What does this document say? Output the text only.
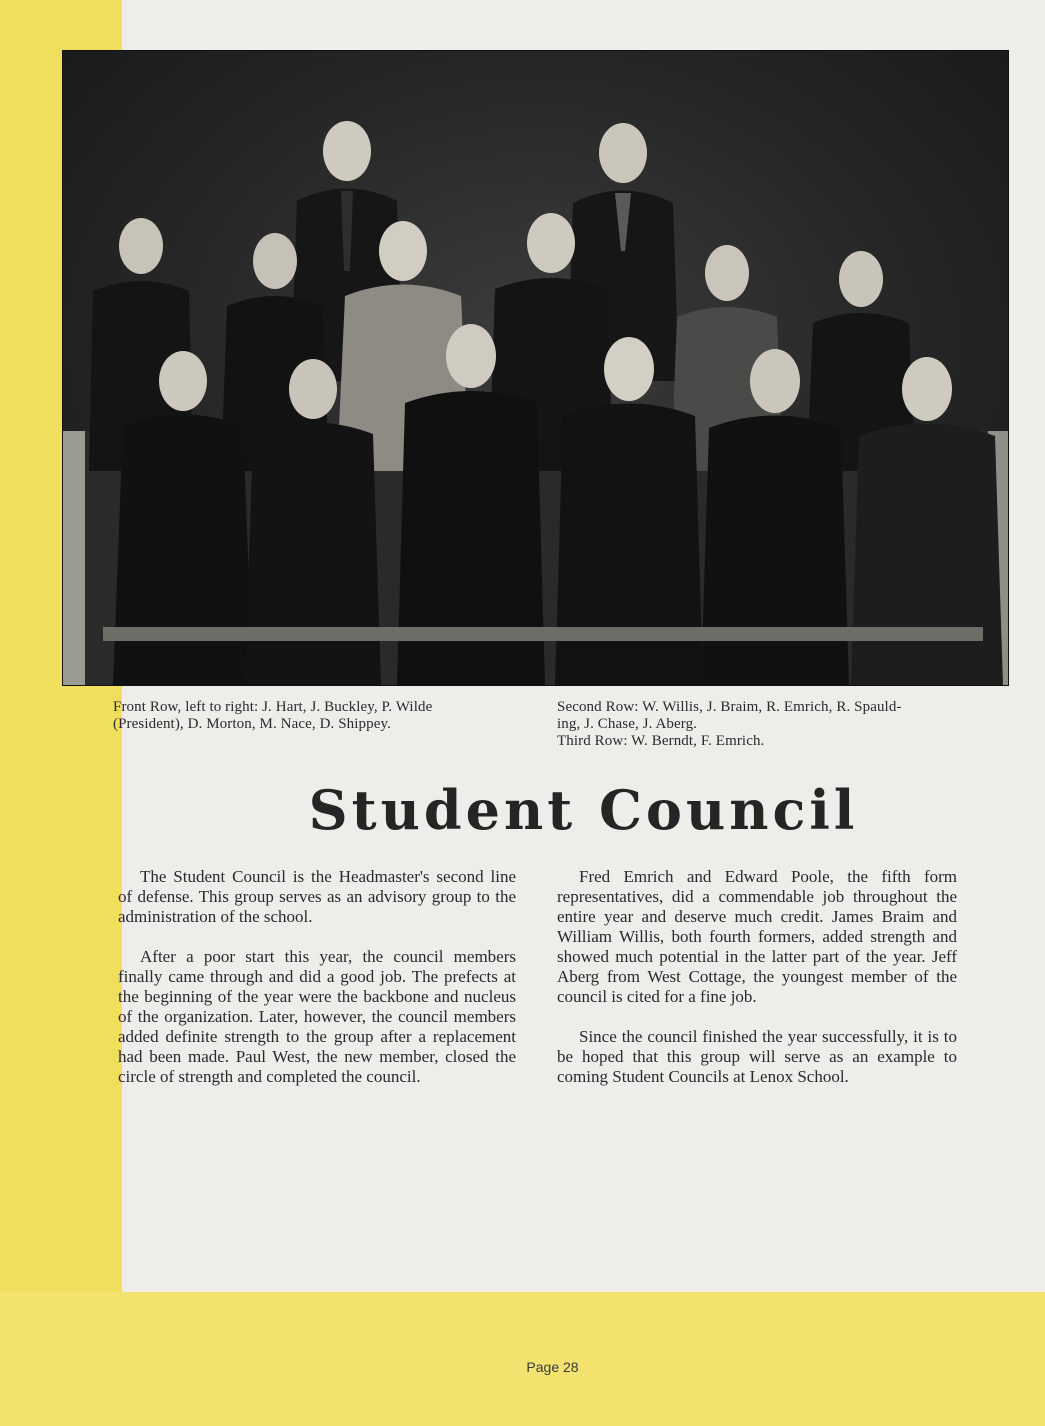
Front Row, left to right: J. Hart, J. Buckley, P. Wilde

(President), D. Morton, M. Nace, D. Shippey.

Second Row: W. Willis, J. Braim, R. Emrich, R. Spauld-

ing, J. Chase, J. Aberg.

Third Row: W. Berndt, F. Emrich.

Student Council

The Student Council is the Headmaster's second line of defense. This group serves as an advisory group to the administration of the school.

After a poor start this year, the council members finally came through and did a good job. The prefects at the beginning of the year were the backbone and nucleus of the organization. Later, however, the council members added definite strength to the group after a replacement had been made. Paul West, the new member, closed the circle of strength and completed the council.

Fred Emrich and Edward Poole, the fifth form representatives, did a commendable job throughout the entire year and deserve much credit. James Braim and William Willis, both fourth formers, added strength and showed much potential in the latter part of the year. Jeff Aberg from West Cottage, the youngest member of the council is cited for a fine job.

Since the council finished the year successfully, it is to be hoped that this group will serve as an example to coming Student Councils at Lenox School.

Page 28
